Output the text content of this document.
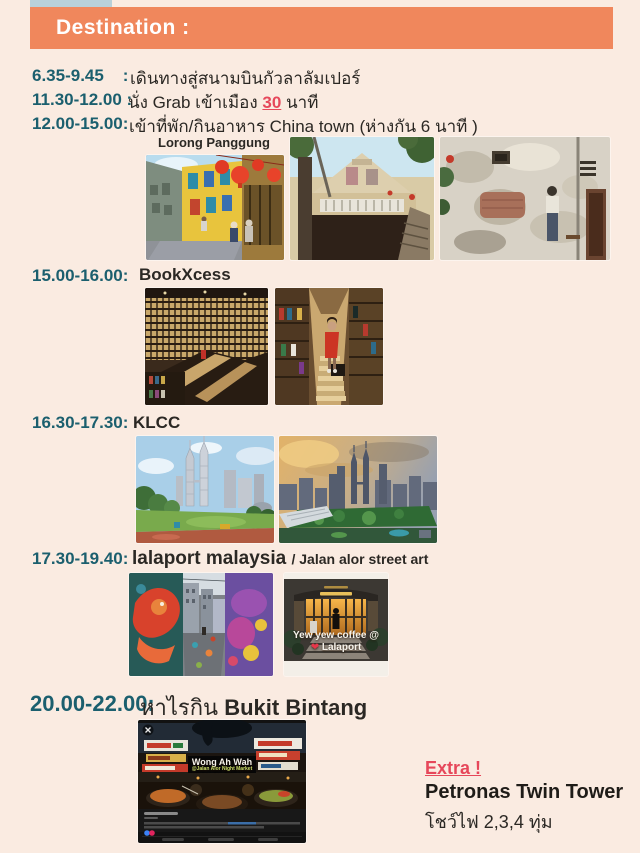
Destination :
6.35-9.45    : เดินทางสู่สนามบินกัวลาลัมเปอร์
11.30-12.00 :
นั่ง Grab เข้าเมือง 30 นาที
12.00-15.00: เข้าที่พัก/กินอาหาร China town (ห่างกัน 6 นาที )
Lorong Panggung
15.00-16.00: BookXcess
16.30-17.30: KLCC
17.30-19.40: lalaport malaysia / Jalan alor street art
Yew yew coffee @
❤ Lalaport
20.00-22.00:
หาไรกิน Bukit Bintang
Wong Ah Wah
@Jalan Alor Night Market	Extra !
Petronas Twin Tower
โชว์ไฟ 2,3,4 ทุ่ม
